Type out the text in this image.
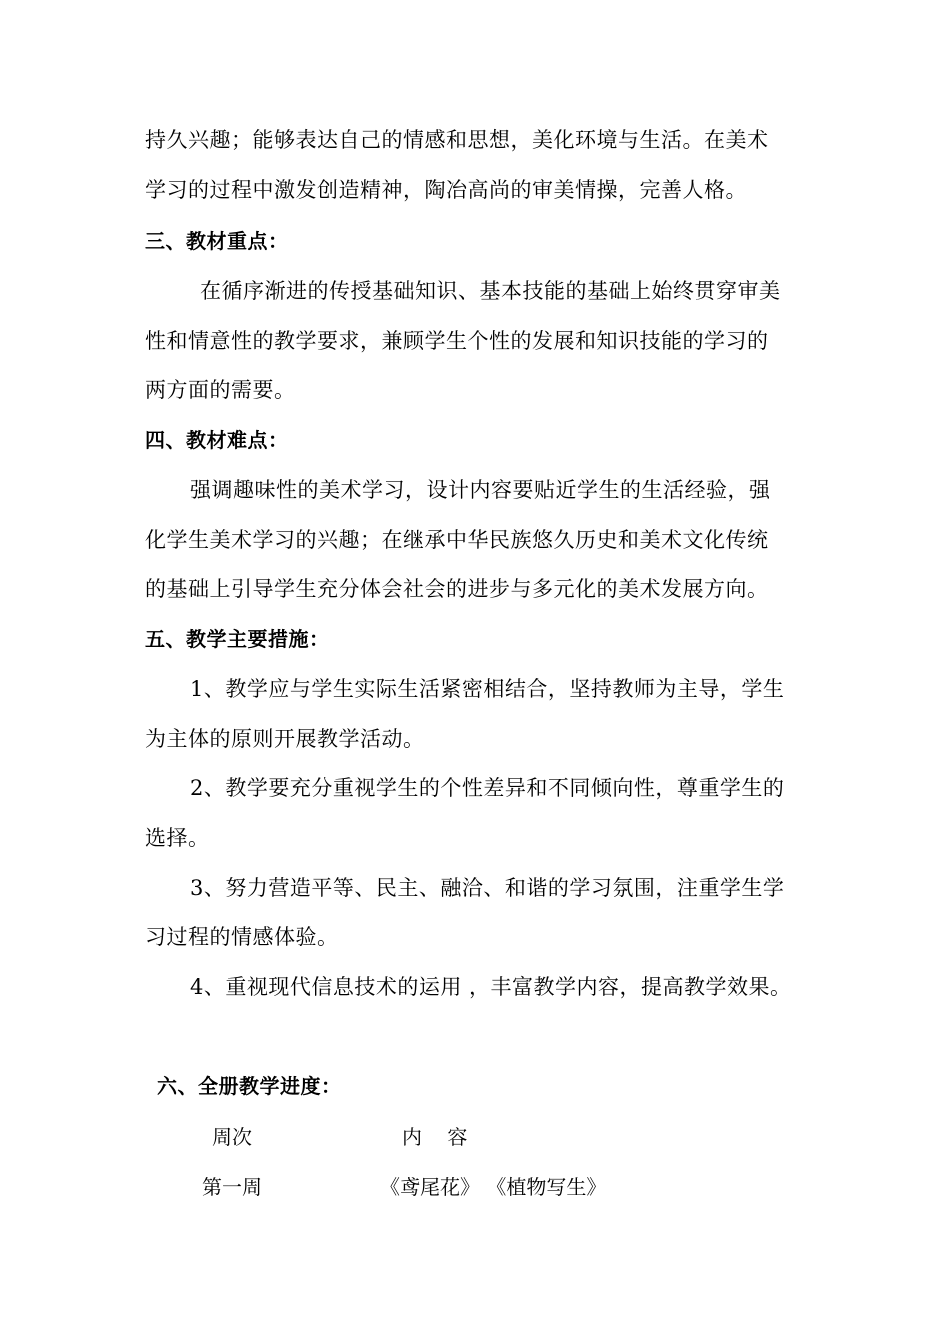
持久兴趣；能够表达自己的情感和思想，美化环境与生活。在美术
学习的过程中激发创造精神，陶冶高尚的审美情操，完善人格。
三、教材重点：
在循序渐进的传授基础知识、基本技能的基础上始终贯穿审美
性和情意性的教学要求，兼顾学生个性的发展和知识技能的学习的
两方面的需要。
四、教材难点：
强调趣味性的美术学习，设计内容要贴近学生的生活经验，强
化学生美术学习的兴趣；在继承中华民族悠久历史和美术文化传统
的基础上引导学生充分体会社会的进步与多元化的美术发展方向。
五、教学主要措施：
1、教学应与学生实际生活紧密相结合，坚持教师为主导，学生
为主体的原则开展教学活动。
2、教学要充分重视学生的个性差异和不同倾向性，尊重学生的
选择。
3、努力营造平等、民主、融洽、和谐的学习氛围，注重学生学
习过程的情感体验。
4、重视现代信息技术的运用 ，丰富教学内容，提高教学效果。
六、全册教学进度：
周次	内    容
第一周	《鸢尾花》 《植物写生》
